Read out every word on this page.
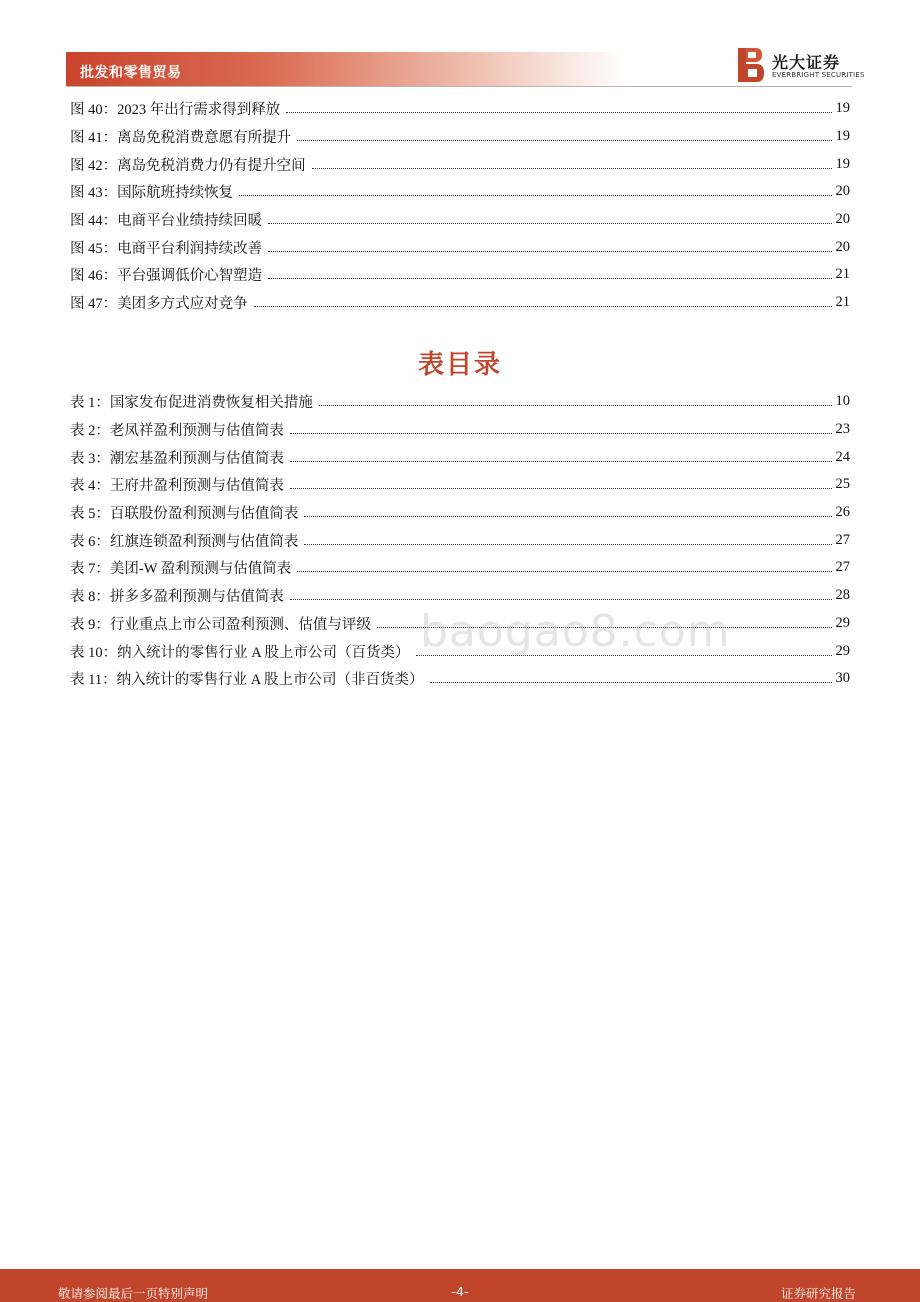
批发和零售贸易
光大证券
EVERBRIGHT SECURITIES
图 40：2023 年出行需求得到释放	19
图 41：离岛免税消费意愿有所提升	19
图 42：离岛免税消费力仍有提升空间	19
图 43：国际航班持续恢复	20
图 44：电商平台业绩持续回暖	20
图 45：电商平台利润持续改善	20
图 46：平台强调低价心智塑造	21
图 47：美团多方式应对竞争	21
表目录
表 1：国家发布促进消费恢复相关措施	10
表 2：老凤祥盈利预测与估值简表	23
表 3：潮宏基盈利预测与估值简表	24
表 4：王府井盈利预测与估值简表	25
表 5：百联股份盈利预测与估值简表	26
表 6：红旗连锁盈利预测与估值简表	27
表 7：美团-W 盈利预测与估值简表	27
表 8：拼多多盈利预测与估值简表	28
表 9：行业重点上市公司盈利预测、估值与评级	29
表 10：纳入统计的零售行业 A 股上市公司（百货类）	29
表 11：纳入统计的零售行业 A 股上市公司（非百货类）	30
baogao8.com
敬请参阅最后一页特别声明	-4-	证券研究报告
